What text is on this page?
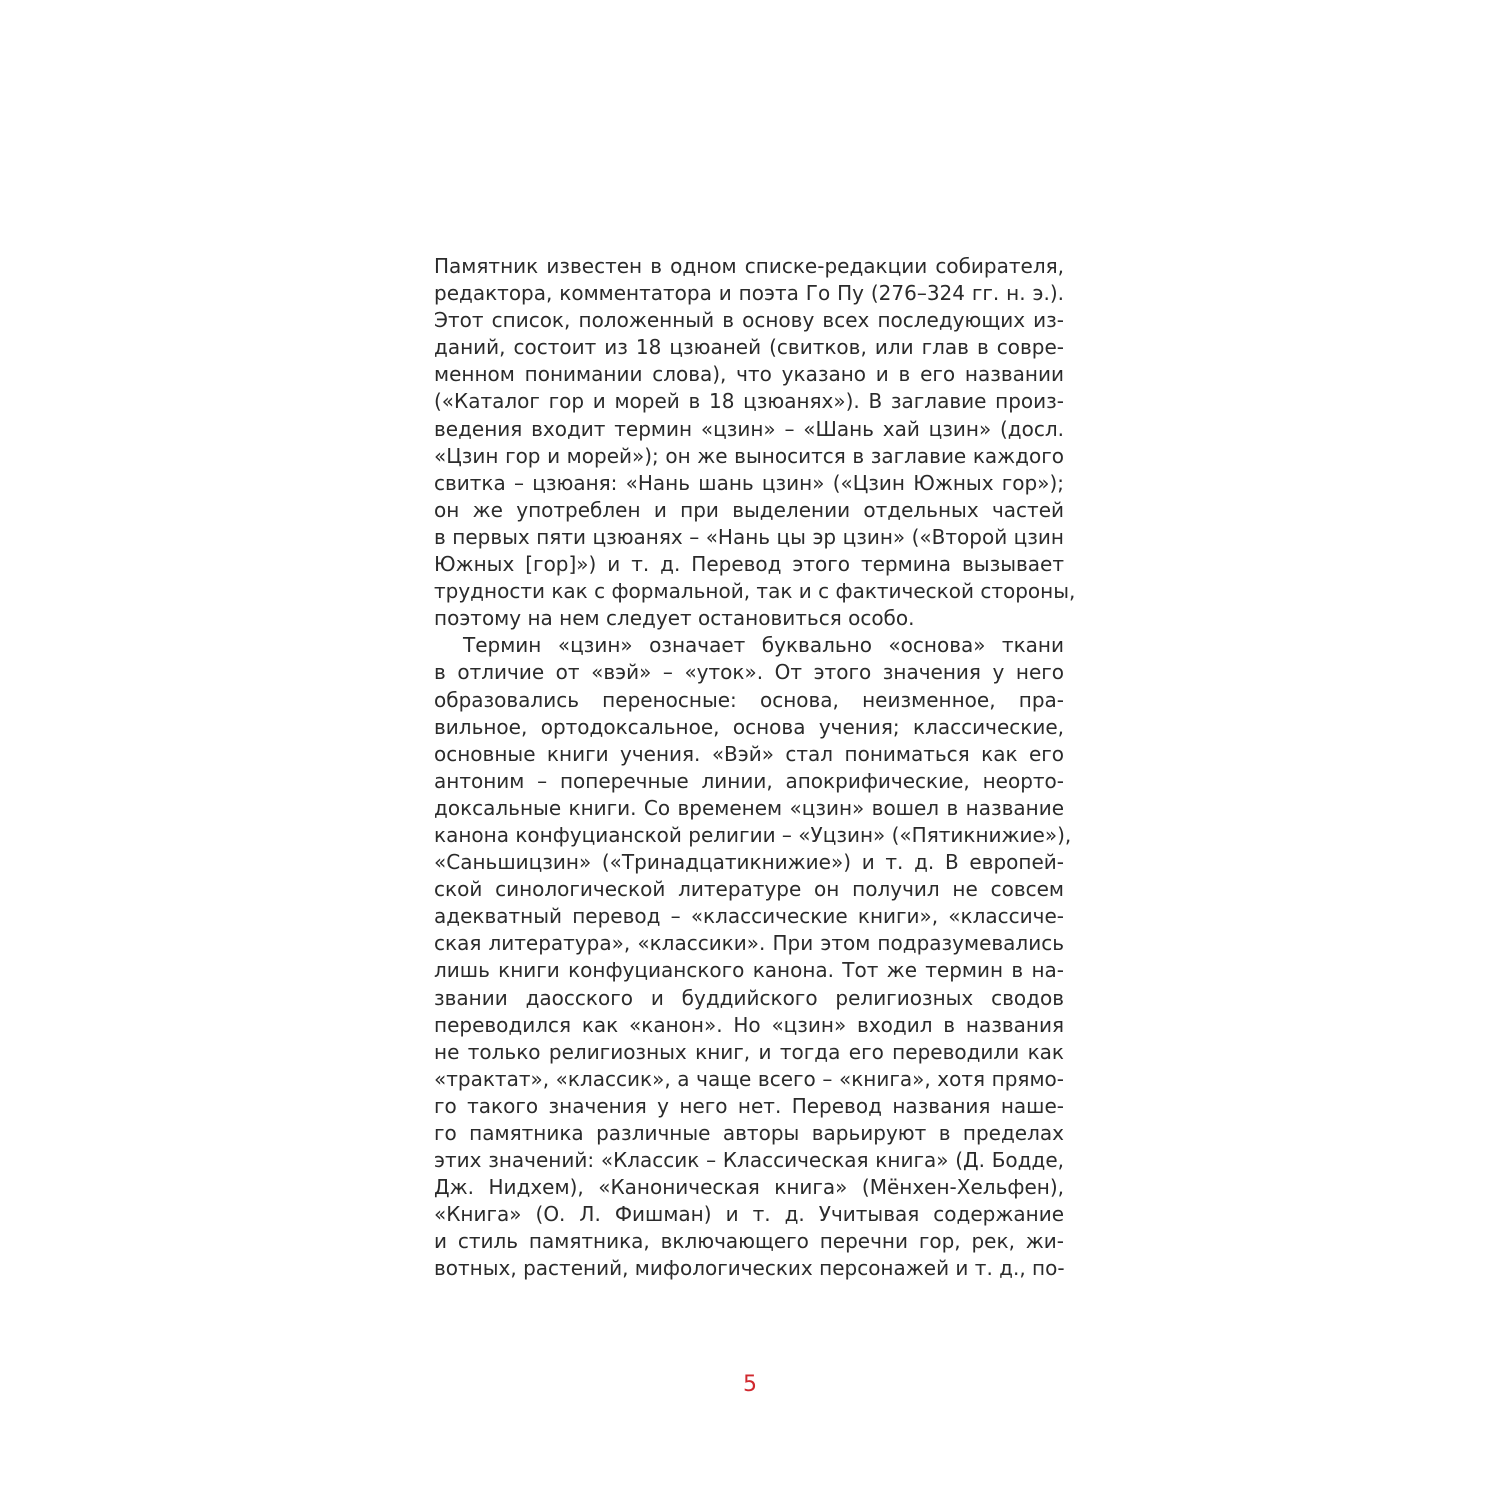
Памятник известен в одном списке-редакции собирателя,
редактора, комментатора и поэта Го Пу (276–324 гг. н. э.).
Этот список, положенный в основу всех последующих из-
даний, состоит из 18 цзюаней (свитков, или глав в совре-
менном понимании слова), что указано и в его названии
(«Каталог гор и морей в 18 цзюанях»). В заглавие произ-
ведения входит термин «цзин» – «Шань хай цзин» (досл.
«Цзин гор и морей»); он же выносится в заглавие каждого
свитка – цзюаня: «Нань шань цзин» («Цзин Южных гор»);
он же употреблен и при выделении отдельных частей
в первых пяти цзюанях – «Нань цы эр цзин» («Второй цзин
Южных [гор]») и т. д. Перевод этого термина вызывает
трудности как с формальной, так и с фактической стороны,
поэтому на нем следует остановиться особо.
Термин «цзин» означает буквально «основа» ткани
в отличие от «вэй» – «уток». От этого значения у него
образовались переносные: основа, неизменное, пра-
вильное, ортодоксальное, основа учения; классические,
основные книги учения. «Вэй» стал пониматься как его
антоним – поперечные линии, апокрифические, неорто-
доксальные книги. Со временем «цзин» вошел в название
канона конфуцианской религии – «Уцзин» («Пятикнижие»),
«Саньшицзин» («Тринадцатикнижие») и т. д. В европей-
ской синологической литературе он получил не совсем
адекватный перевод – «классические книги», «классиче-
ская литература», «классики». При этом подразумевались
лишь книги конфуцианского канона. Тот же термин в на-
звании даосского и буддийского религиозных сводов
переводился как «канон». Но «цзин» входил в названия
не только религиозных книг, и тогда его переводили как
«трактат», «классик», а чаще всего – «книга», хотя прямо-
го такого значения у него нет. Перевод названия наше-
го памятника различные авторы варьируют в пределах
этих значений: «Классик – Классическая книга» (Д. Бодде,
Дж. Нидхем), «Каноническая книга» (Мёнхен-Хельфен),
«Книга» (О. Л. Фишман) и т. д. Учитывая содержание
и стиль памятника, включающего перечни гор, рек, жи-
вотных, растений, мифологических персонажей и т. д., по-
5
